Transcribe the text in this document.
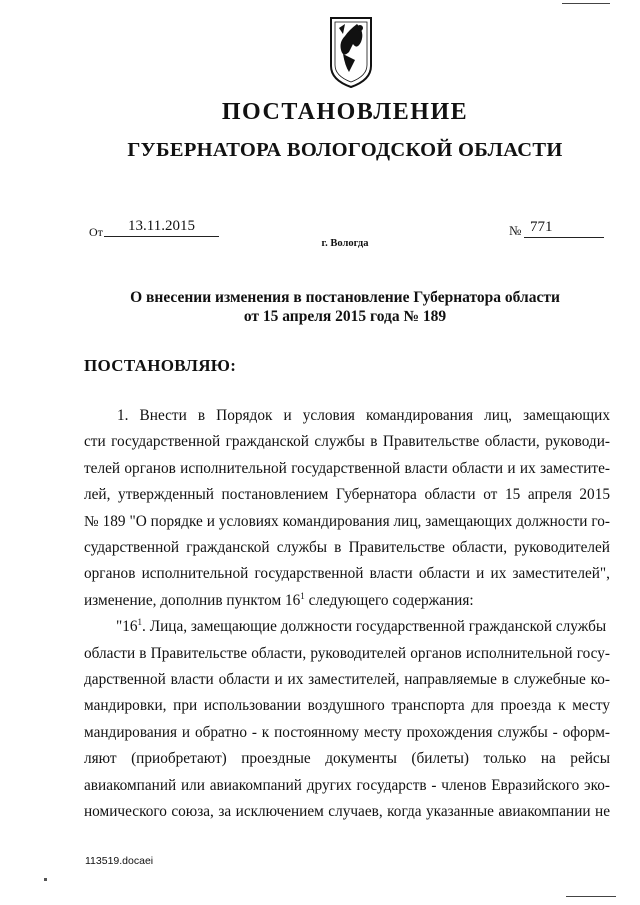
ПОСТАНОВЛЕНИЕ
ГУБЕРНАТОРА ВОЛОГОДСКОЙ ОБЛАСТИ
От	13.11.2015
г. Вологда
№ 771
О внесении изменения в постановление Губернатора области
от 15 апреля 2015 года № 189
ПОСТАНОВЛЯЮ:
1. Внести в Порядок и условия командирования лиц, замещающих
сти государственной гражданской службы в Правительстве области, руководи-
телей органов исполнительной государственной власти области и их заместите-
лей, утвержденный постановлением Губернатора области от 15 апреля 2015
№ 189 "О порядке и условиях командирования лиц, замещающих должности го-
сударственной гражданской службы в Правительстве области, руководителей
органов исполнительной государственной власти области и их заместителей",
изменение, дополнив пунктом $16^1$ следующего содержания:
"$16^1$. Лица, замещающие должности государственной гражданской службы
области в Правительстве области, руководителей органов исполнительной госу-
дарственной власти области и их заместителей, направляемые в служебные ко-
мандировки, при использовании воздушного транспорта для проезда к месту
мандирования и обратно - к постоянному месту прохождения службы - оформ-
ляют (приобретают) проездные документы (билеты) только на рейсы
авиакомпаний или авиакомпаний других государств - членов Евразийского эко-
номического союза, за исключением случаев, когда указанные авиакомпании не
113519.docaei
